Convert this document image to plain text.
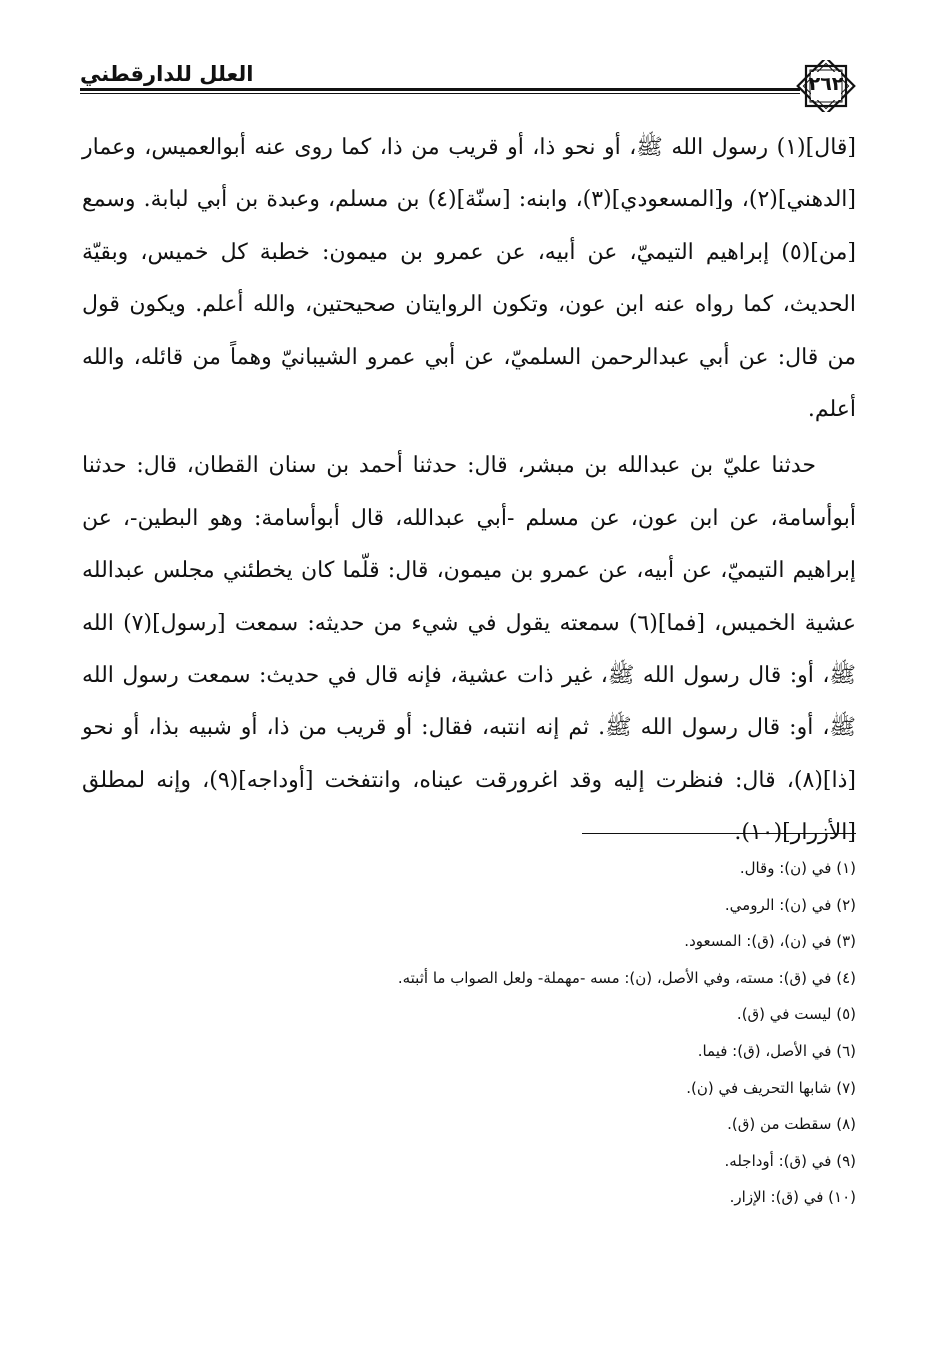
العلل للدارقطني	٢٦٢

[قال](١) رسول الله ﷺ، أو نحو ذا، أو قريب من ذا، كما روى عنه أبوالعميس، وعمار [الدهني](٢)، و[المسعودي](٣)، وابنه: [سنّة](٤) بن مسلم، وعبدة بن أبي لبابة. وسمع [من](٥) إبراهيم التيميّ، عن أبيه، عن عمرو بن ميمون: خطبة كل خميس، وبقيّة الحديث، كما رواه عنه ابن عون، وتكون الروايتان صحيحتين، والله أعلم. ويكون قول من قال: عن أبي عبدالرحمن السلميّ، عن أبي عمرو الشيبانيّ وهماً من قائله، والله أعلم.

حدثنا عليّ بن عبدالله بن مبشر، قال: حدثنا أحمد بن سنان القطان، قال: حدثنا أبوأسامة، عن ابن عون، عن مسلم -أبي عبدالله، قال أبوأسامة: وهو البطين-، عن إبراهيم التيميّ، عن أبيه، عن عمرو بن ميمون، قال: قلّما كان يخطئني مجلس عبدالله عشية الخميس، [فما](٦) سمعته يقول في شيء من حديثه: سمعت [رسول](٧) الله ﷺ، أو: قال رسول الله ﷺ، غير ذات عشية، فإنه قال في حديث: سمعت رسول الله ﷺ، أو: قال رسول الله ﷺ. ثم إنه انتبه، فقال: أو قريب من ذا، أو شبيه بذا، أو نحو [ذا](٨)، قال: فنظرت إليه وقد اغرورقت عيناه، وانتفخت [أوداجه](٩)، وإنه لمطلق [الأزرار](١٠).

(١) في (ن): وقال.
(٢) في (ن): الرومي.
(٣) في (ن)، (ق): المسعود.
(٤) في (ق): مسته، وفي الأصل، (ن): مسه -مهملة- ولعل الصواب ما أثبته.
(٥) ليست في (ق).
(٦) في الأصل، (ق): فيما.
(٧) شابها التحريف في (ن).
(٨) سقطت من (ق).
(٩) في (ق): أوداجله.
(١٠) في (ق): الإزار.
